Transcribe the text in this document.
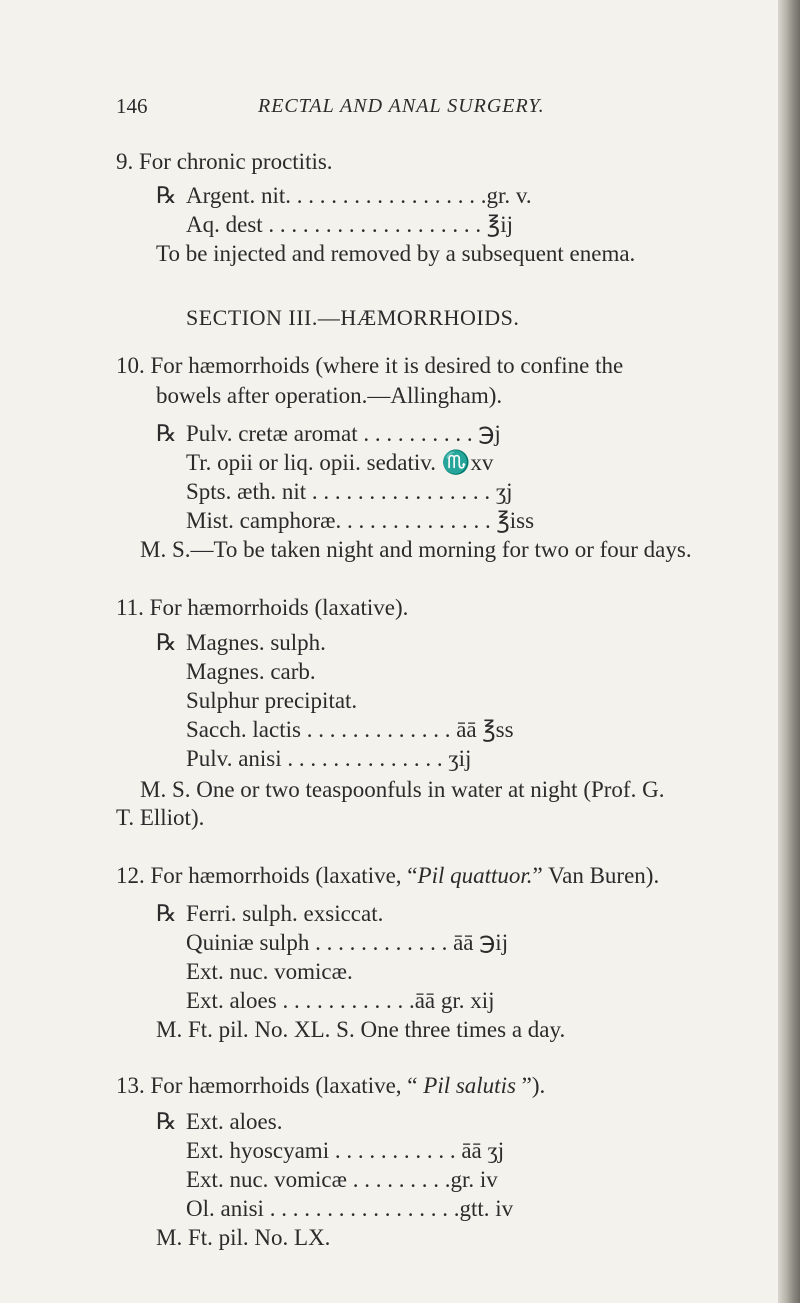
146	RECTAL AND ANAL SURGERY.
9. For chronic proctitis.
℞ Argent. nit. . . . . . . . . . . . . . . . . .gr. v.
Aq. dest . . . . . . . . . . . . . . . . . . . ℥ij
To be injected and removed by a subsequent enema.
SECTION III.—HÆMORRHOIDS.
10. For hæmorrhoids (where it is desired to confine the
bowels after operation.—Allingham).
℞ Pulv. cretæ aromat . . . . . . . . . . ℈j
Tr. opii or liq. opii. sedativ. ♏xv
Spts. æth. nit . . . . . . . . . . . . . . . . ʒj
Mist. camphoræ. . . . . . . . . . . . . . ℥iss
M. S.—To be taken night and morning for two or four days.
11. For hæmorrhoids (laxative).
℞ Magnes. sulph.
Magnes. carb.
Sulphur precipitat.
Sacch. lactis . . . . . . . . . . . . . āā ℥ss
Pulv. anisi . . . . . . . . . . . . . . ʒij
M. S. One or two teaspoonfuls in water at night (Prof. G.
T. Elliot).
12. For hæmorrhoids (laxative, “Pil quattuor.” Van Buren).
℞ Ferri. sulph. exsiccat.
Quiniæ sulph . . . . . . . . . . . . āā ℈ij
Ext. nuc. vomicæ.
Ext. aloes . . . . . . . . . . . .āā gr. xij
M. Ft. pil. No. XL. S. One three times a day.
13. For hæmorrhoids (laxative, “ Pil salutis ”).
℞ Ext. aloes.
Ext. hyoscyami . . . . . . . . . . . āā ʒj
Ext. nuc. vomicæ . . . . . . . . .gr. iv
Ol. anisi . . . . . . . . . . . . . . . . .gtt. iv
M. Ft. pil. No. LX.
